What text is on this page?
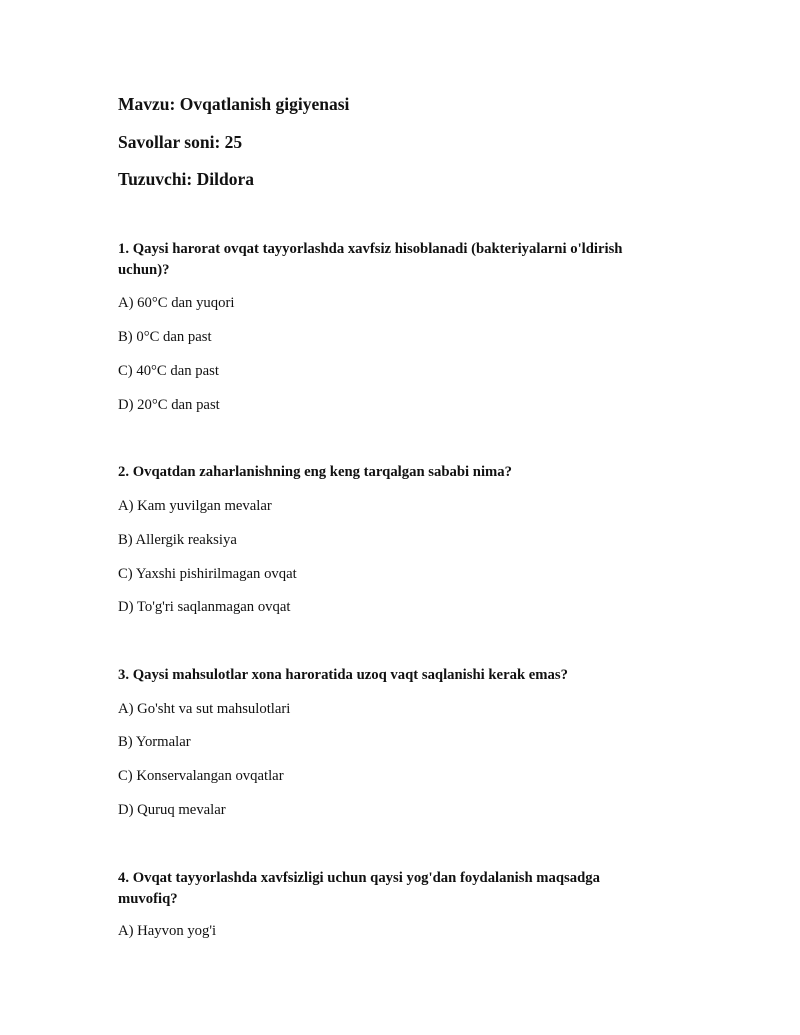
Mavzu: Ovqatlanish gigiyenasi

Savollar soni: 25

Tuzuvchi: Dildora

1. Qaysi harorat ovqat tayyorlashda xavfsiz hisoblanadi (bakteriyalarni o'ldirish uchun)?

A) 60°C dan yuqori

B) 0°C dan past

C) 40°C dan past

D) 20°C dan past

2. Ovqatdan zaharlanishning eng keng tarqalgan sababi nima?

A) Kam yuvilgan mevalar

B) Allergik reaksiya

C) Yaxshi pishirilmagan ovqat

D) To'g'ri saqlanmagan ovqat

3. Qaysi mahsulotlar xona haroratida uzoq vaqt saqlanishi kerak emas?

A) Go'sht va sut mahsulotlari

B) Yormalar

C) Konservalangan ovqatlar

D) Quruq mevalar

4. Ovqat tayyorlashda xavfsizligi uchun qaysi yog'dan foydalanish maqsadga muvofiq?

A) Hayvon yog'i
